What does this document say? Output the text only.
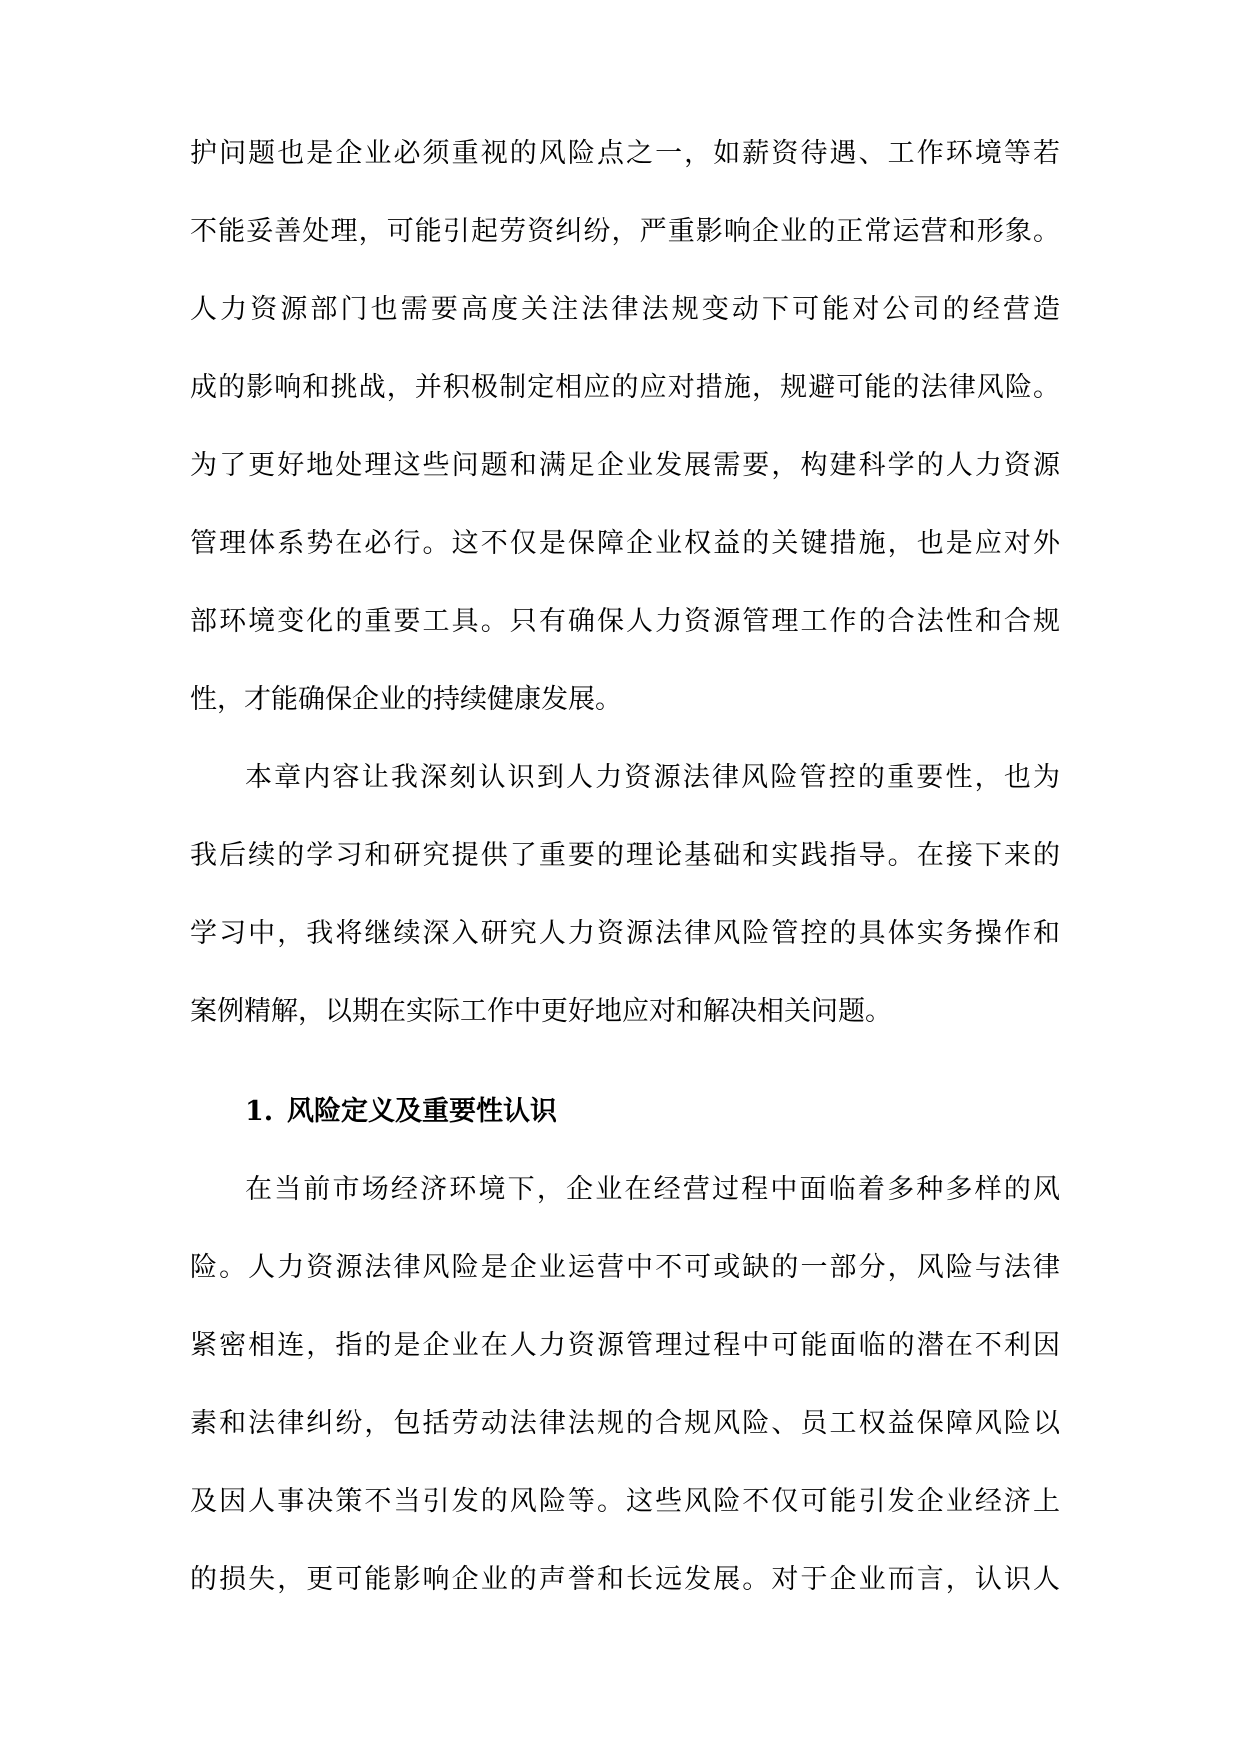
护问题也是企业必须重视的风险点之一，如薪资待遇、工作环境等若
不能妥善处理，可能引起劳资纠纷，严重影响企业的正常运营和形象。
人力资源部门也需要高度关注法律法规变动下可能对公司的经营造
成的影响和挑战，并积极制定相应的应对措施，规避可能的法律风险。
为了更好地处理这些问题和满足企业发展需要，构建科学的人力资源
管理体系势在必行。这不仅是保障企业权益的关键措施，也是应对外
部环境变化的重要工具。只有确保人力资源管理工作的合法性和合规
性，才能确保企业的持续健康发展。
本章内容让我深刻认识到人力资源法律风险管控的重要性，也为
我后续的学习和研究提供了重要的理论基础和实践指导。在接下来的
学习中，我将继续深入研究人力资源法律风险管控的具体实务操作和
案例精解，以期在实际工作中更好地应对和解决相关问题。
1. 风险定义及重要性认识
在当前市场经济环境下，企业在经营过程中面临着多种多样的风
险。人力资源法律风险是企业运营中不可或缺的一部分，风险与法律
紧密相连，指的是企业在人力资源管理过程中可能面临的潜在不利因
素和法律纠纷，包括劳动法律法规的合规风险、员工权益保障风险以
及因人事决策不当引发的风险等。这些风险不仅可能引发企业经济上
的损失，更可能影响企业的声誉和长远发展。对于企业而言，认识人
